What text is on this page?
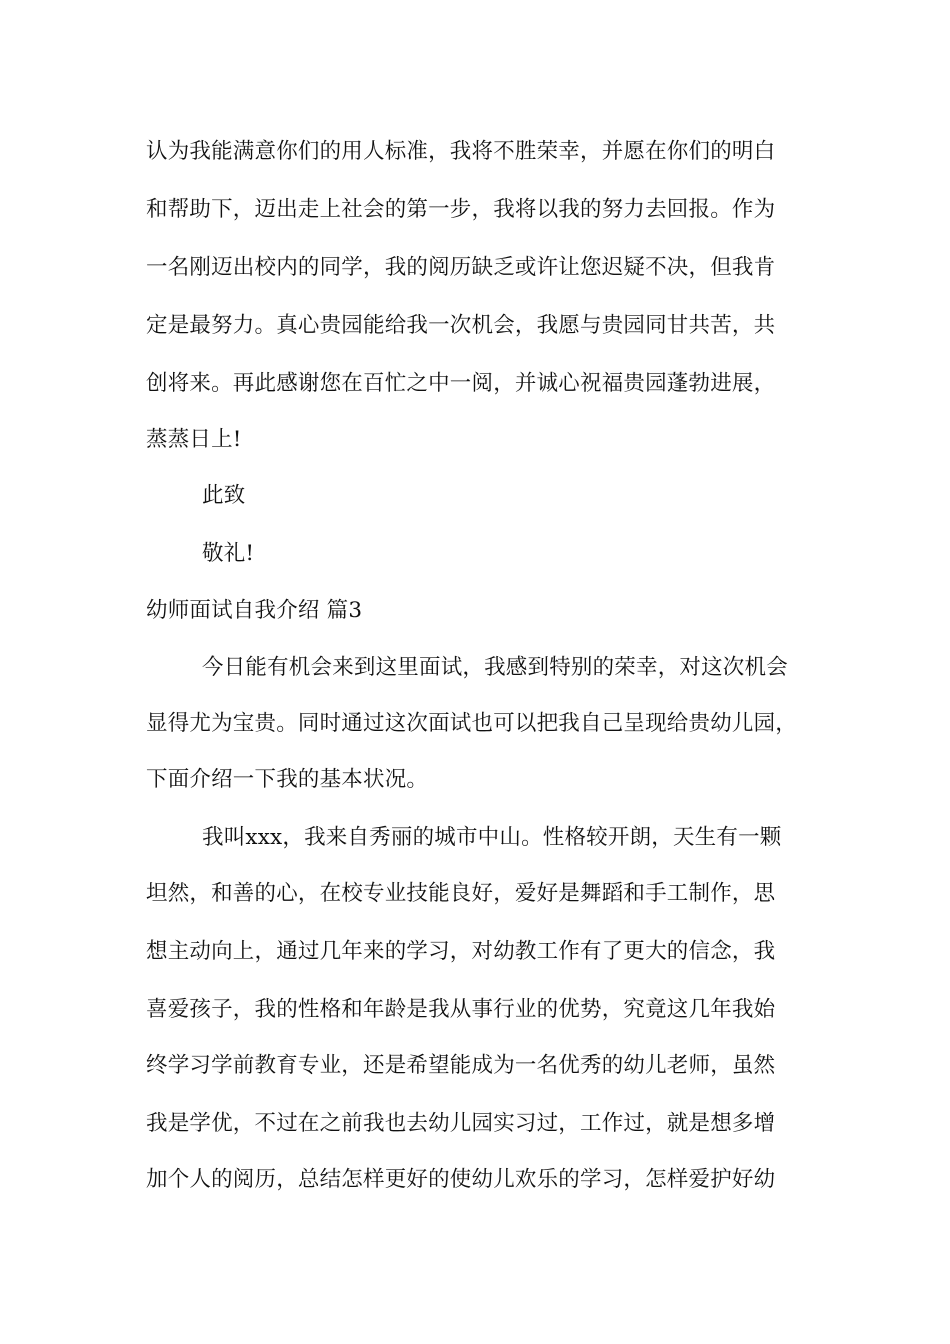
认为我能满意你们的用人标准，我将不胜荣幸，并愿在你们的明白
和帮助下，迈出走上社会的第一步，我将以我的努力去回报。作为
一名刚迈出校内的同学，我的阅历缺乏或许让您迟疑不决，但我肯
定是最努力。真心贵园能给我一次机会，我愿与贵园同甘共苦，共
创将来。再此感谢您在百忙之中一阅，并诚心祝福贵园蓬勃进展，
蒸蒸日上!
此致
敬礼!
幼师面试自我介绍 篇3
今日能有机会来到这里面试，我感到特别的荣幸，对这次机会
显得尤为宝贵。同时通过这次面试也可以把我自己呈现给贵幼儿园，
下面介绍一下我的基本状况。
我叫xxx，我来自秀丽的城市中山。性格较开朗，天生有一颗
坦然，和善的心，在校专业技能良好，爱好是舞蹈和手工制作，思
想主动向上，通过几年来的学习，对幼教工作有了更大的信念，我
喜爱孩子，我的性格和年龄是我从事行业的优势，究竟这几年我始
终学习学前教育专业，还是希望能成为一名优秀的幼儿老师，虽然
我是学优，不过在之前我也去幼儿园实习过，工作过，就是想多增
加个人的阅历，总结怎样更好的使幼儿欢乐的学习，怎样爱护好幼
